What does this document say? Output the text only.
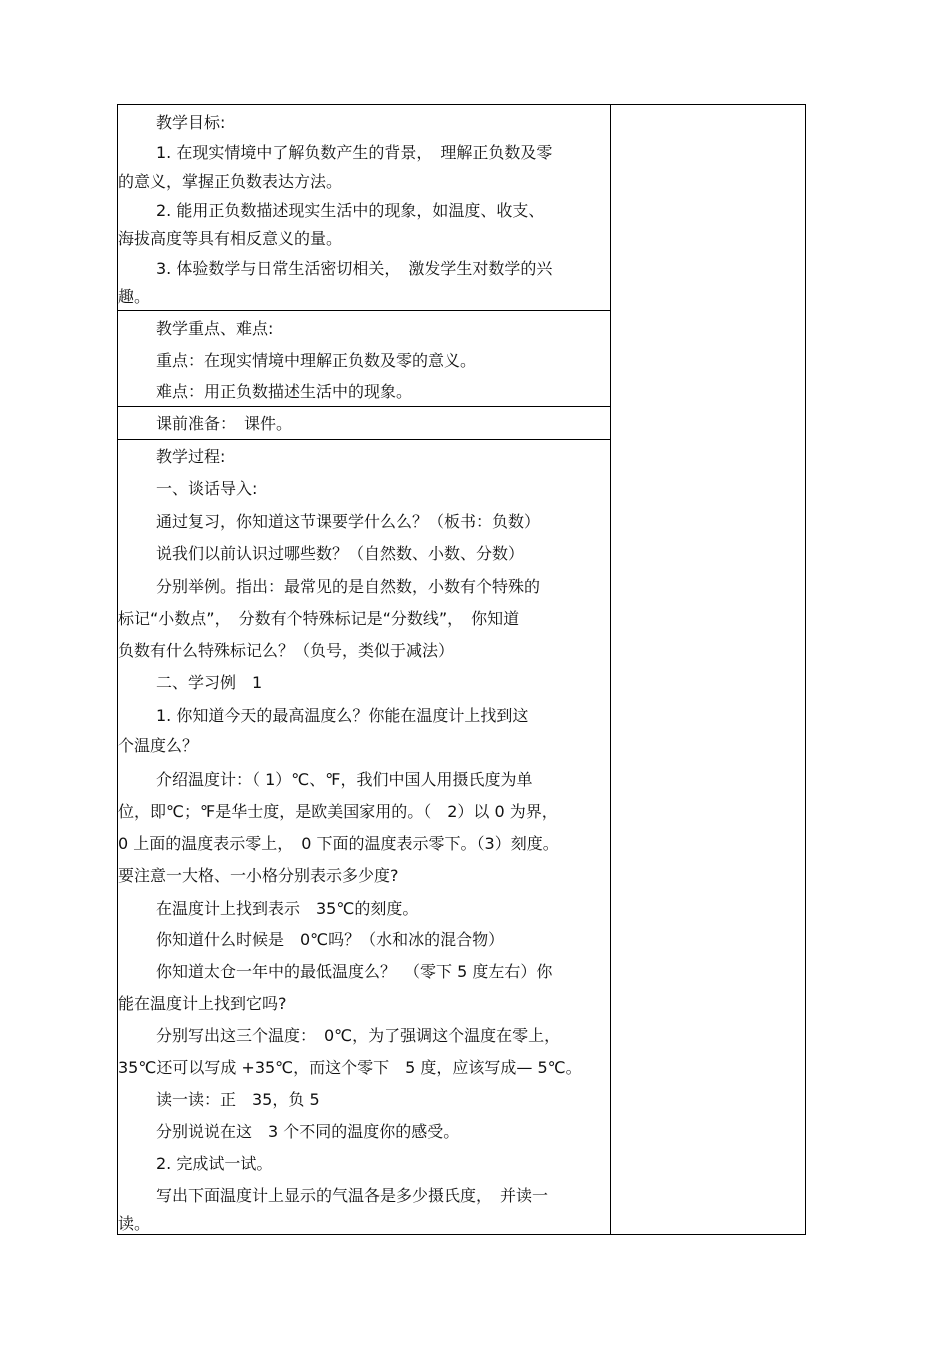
教学目标:
1. 在现实情境中了解负数产生的背景，　理解正负数及零
的意义，掌握正负数表达方法。
2. 能用正负数描述现实生活中的现象，如温度、收支、
海拔高度等具有相反意义的量。
3. 体验数学与日常生活密切相关，　激发学生对数学的兴
趣。
教学重点、难点:
重点：在现实情境中理解正负数及零的意义。
难点：用正负数描述生活中的现象。
课前准备：　课件。
教学过程:
一、谈话导入:
通过复习，你知道这节课要学什么么？（板书：负数）
说我们以前认识过哪些数？（自然数、小数、分数）
分别举例。指出：最常见的是自然数，小数有个特殊的
标记“小数点”，　分数有个特殊标记是“分数线”，　你知道
负数有什么特殊标记么？（负号，类似于减法）
二、学习例　1
1. 你知道今天的最高温度么？你能在温度计上找到这
个温度么？
介绍温度计：（ 1）℃、℉，我们中国人用摄氏度为单
位，即℃；℉是华士度，是欧美国家用的。（　2）以 0 为界，
0 上面的温度表示零上，　0 下面的温度表示零下。（3）刻度。
要注意一大格、一小格分别表示多少度?
在温度计上找到表示　35℃的刻度。
你知道什么时候是　0℃吗？（水和冰的混合物）
你知道太仓一年中的最低温度么？　（零下 5 度左右）你
能在温度计上找到它吗?
分别写出这三个温度：　0℃，为了强调这个温度在零上，
35℃还可以写成 +35℃，而这个零下　5 度，应该写成— 5℃。
读一读：正　35，负 5
分别说说在这　3 个不同的温度你的感受。
2. 完成试一试。
写出下面温度计上显示的气温各是多少摄氏度，　并读一
读。
